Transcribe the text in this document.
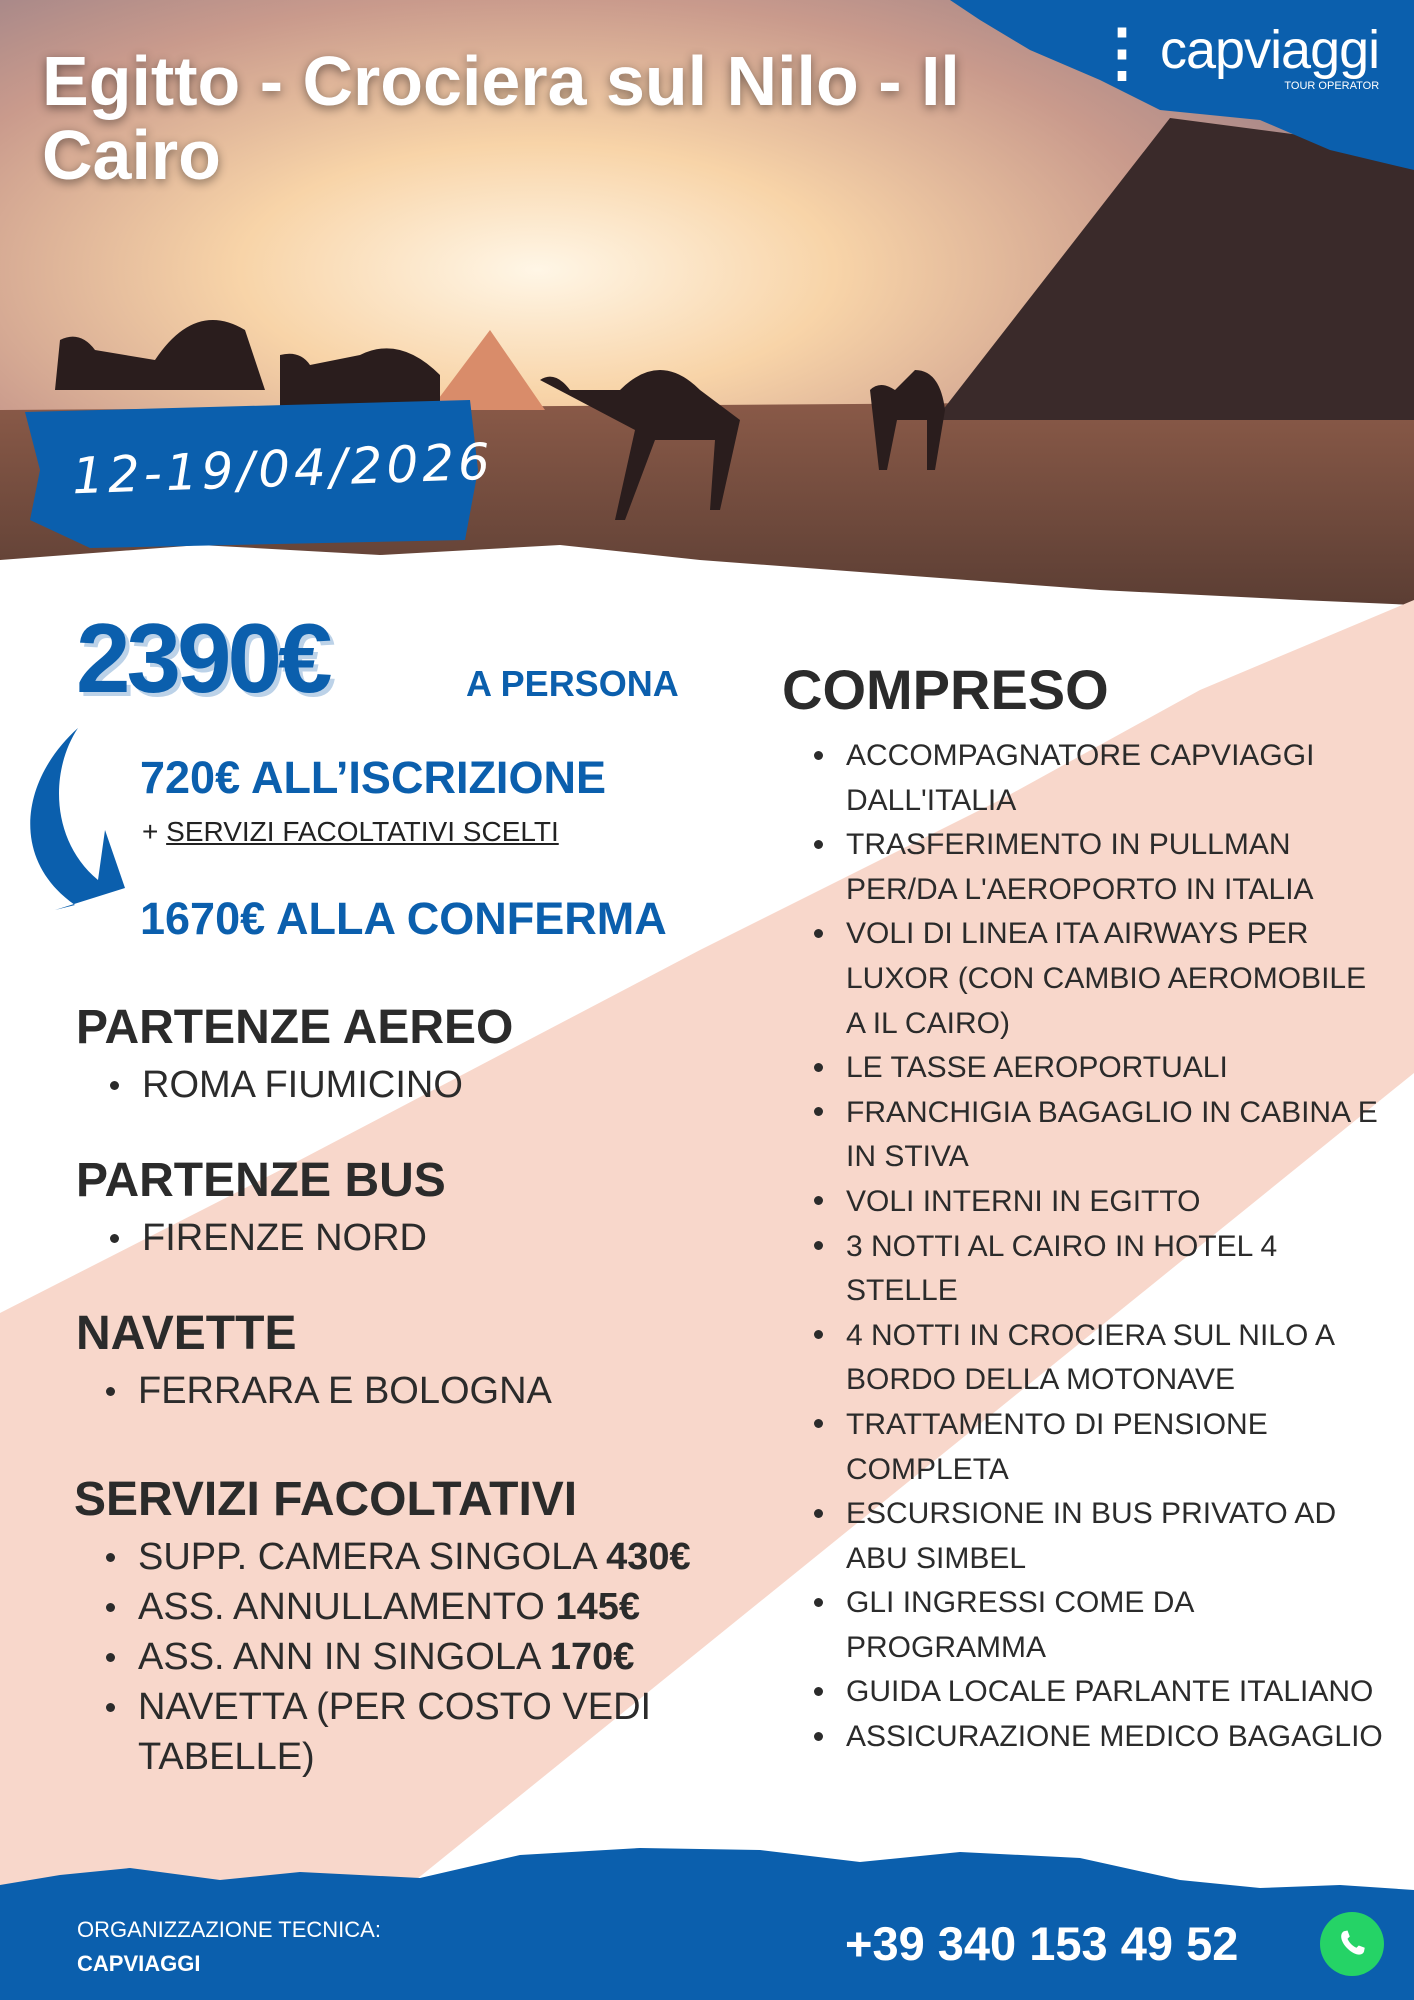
Egitto - Crociera sul Nilo - Il Cairo
⋮ capviaggi
TOUR OPERATOR
12-19/04/2026
2390€	A PERSONA
720€ ALL’ISCRIZIONE
+ SERVIZI FACOLTATIVI SCELTI
1670€ ALLA CONFERMA
PARTENZE AEREO
ROMA FIUMICINO
PARTENZE BUS
FIRENZE NORD
NAVETTE
FERRARA E BOLOGNA
SERVIZI FACOLTATIVI
SUPP. CAMERA SINGOLA 430€
ASS. ANNULLAMENTO 145€
ASS. ANN IN SINGOLA 170€
NAVETTA (PER COSTO VEDI TABELLE)
COMPRESO
ACCOMPAGNATORE CAPVIAGGI DALL'ITALIA
TRASFERIMENTO IN PULLMAN PER/DA L'AEROPORTO IN ITALIA
VOLI DI LINEA ITA AIRWAYS PER LUXOR (CON CAMBIO AEROMOBILE A IL CAIRO)
LE TASSE AEROPORTUALI
FRANCHIGIA BAGAGLIO IN CABINA E IN STIVA
VOLI INTERNI IN EGITTO
3 NOTTI AL CAIRO IN HOTEL 4 STELLE
4 NOTTI IN CROCIERA SUL NILO A BORDO DELLA MOTONAVE
TRATTAMENTO DI PENSIONE COMPLETA
ESCURSIONE IN BUS PRIVATO AD ABU SIMBEL
GLI INGRESSI COME DA PROGRAMMA
GUIDA LOCALE PARLANTE ITALIANO
ASSICURAZIONE MEDICO BAGAGLIO
ORGANIZZAZIONE TECNICA:
CAPVIAGGI	+39 340 153 49 52
